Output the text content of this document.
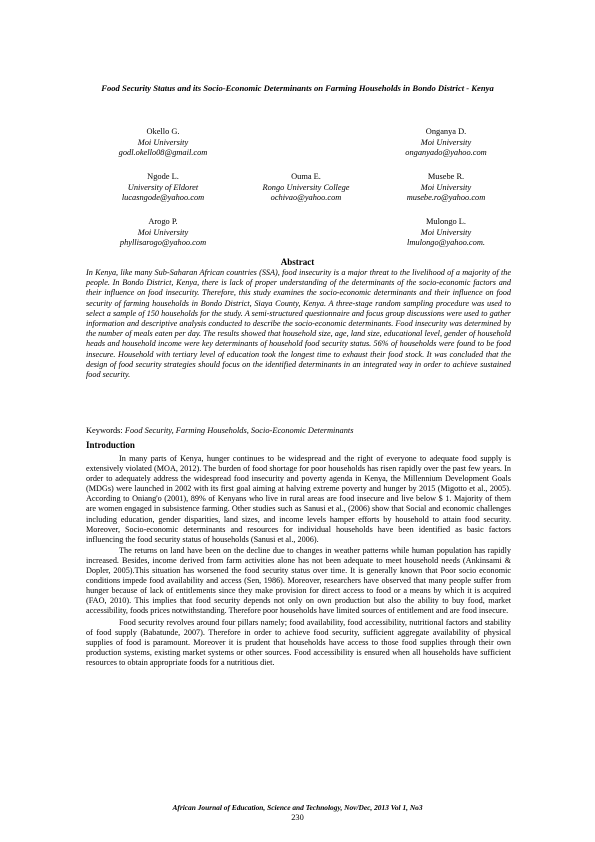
Food Security Status and its Socio-Economic Determinants on Farming Households in Bondo District - Kenya
Okello G.
Moi University
godl.okello08@gmail.com
Onganya D.
Moi University
onganyado@yahoo.com
Ngode L.
University of Eldoret
lucasngode@yahoo.com
Ouma E.
Rongo University College
ochivao@yahoo.com
Musebe R.
Moi University
musebe.ro@yahoo.com
Arogo P.
Moi University
phyllisarogo@yahoo.com
Mulongo L.
Moi University
lmulongo@yahoo.com.
Abstract
In Kenya, like many Sub-Saharan African countries (SSA), food insecurity is a major threat to the livelihood of a majority of the people. In Bondo District, Kenya, there is lack of proper understanding of the determinants of the socio-economic factors and their influence on food insecurity. Therefore, this study examines the socio-economic determinants and their influence on food security of farming households in Bondo District, Siaya County, Kenya. A three-stage random sampling procedure was used to select a sample of 150 households for the study. A semi-structured questionnaire and focus group discussions were used to gather information and descriptive analysis conducted to describe the socio-economic determinants. Food insecurity was determined by the number of meals eaten per day. The results showed that household size, age, land size, educational level, gender of household heads and household income were key determinants of household food security status. 56% of households were found to be food insecure. Household with tertiary level of education took the longest time to exhaust their food stock. It was concluded that the design of food security strategies should focus on the identified determinants in an integrated way in order to achieve sustained food security.
Keywords: Food Security, Farming Households, Socio-Economic Determinants
Introduction

In many parts of Kenya, hunger continues to be widespread and the right of everyone to adequate food supply is extensively violated (MOA, 2012). The burden of food shortage for poor households has risen rapidly over the past few years. In order to adequately address the widespread food insecurity and poverty agenda in Kenya, the Millennium Development Goals (MDGs) were launched in 2002 with its first goal aiming at halving extreme poverty and hunger by 2015 (Migotto et al., 2005). According to Oniang'o (2001), 89% of Kenyans who live in rural areas are food insecure and live below $ 1. Majority of them are women engaged in subsistence farming. Other studies such as Sanusi et al., (2006) show that Social and economic challenges including education, gender disparities, land sizes, and income levels hamper efforts by household to attain food security. Moreover, Socio-economic determinants and resources for individual households have been identified as basic factors influencing the food security status of households (Sanusi et al., 2006).

The returns on land have been on the decline due to changes in weather patterns while human population has rapidly increased. Besides, income derived from farm activities alone has not been adequate to meet household needs (Ankinsami & Dopler, 2005).This situation has worsened the food security status over time. It is generally known that Poor socio economic conditions impede food availability and access (Sen, 1986). Moreover, researchers have observed that many people suffer from hunger because of lack of entitlements since they make provision for direct access to food or a means by which it is acquired (FAO, 2010). This implies that food security depends not only on own production but also the ability to buy food, market accessibility, foods prices notwithstanding. Therefore poor households have limited sources of entitlement and are food insecure.

Food security revolves around four pillars namely; food availability, food accessibility, nutritional factors and stability of food supply (Babatunde, 2007). Therefore in order to achieve food security, sufficient aggregate availability of physical supplies of food is paramount. Moreover it is prudent that households have access to those food supplies through their own production systems, existing market systems or other sources. Food accessibility is ensured when all households have sufficient resources to obtain appropriate foods for a nutritious diet.

African Journal of Education, Science and Technology, Nov/Dec, 2013 Vol 1, No3
230
